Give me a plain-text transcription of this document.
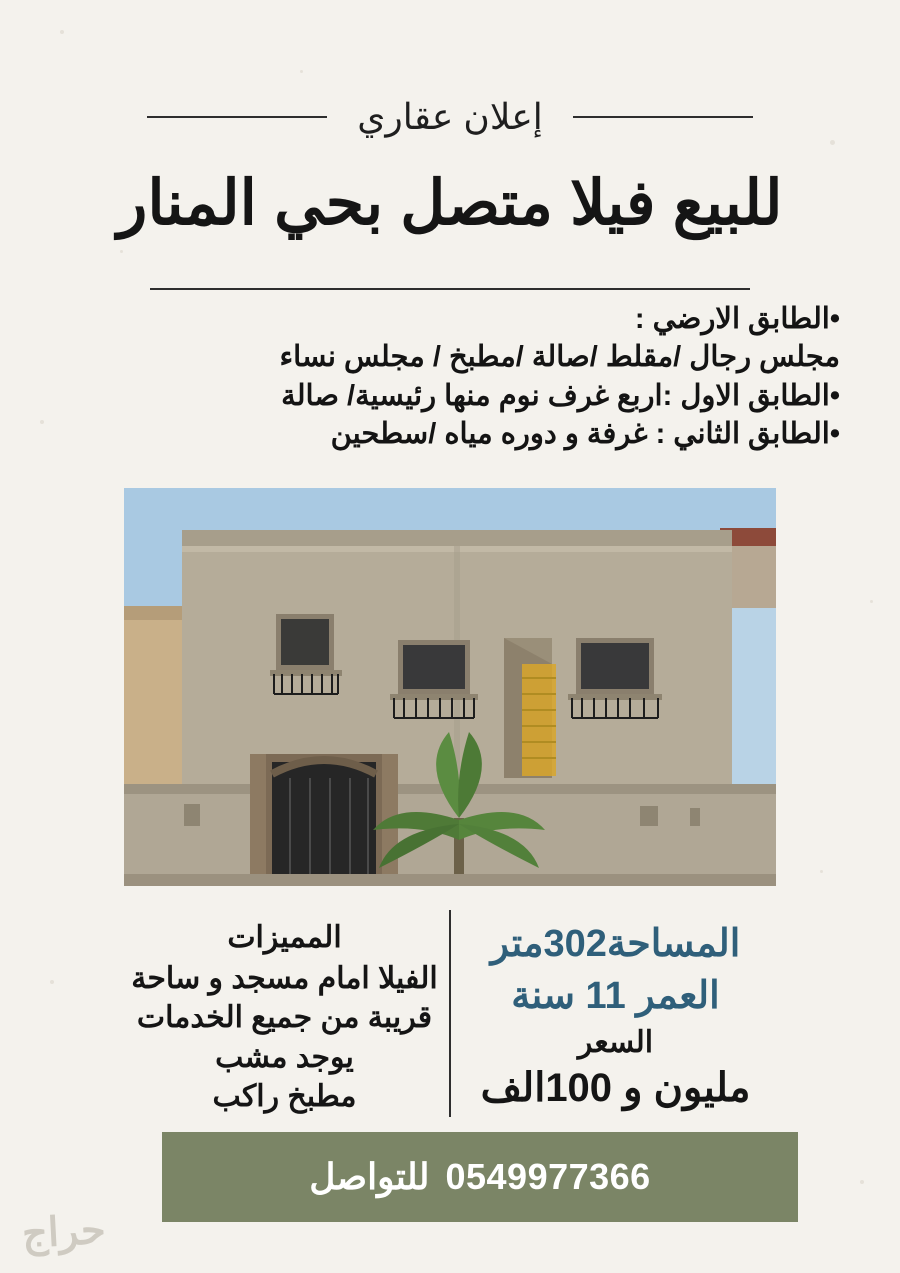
إعلان عقاري
للبيع فيلا متصل بحي المنار
•الطابق الارضي :
مجلس رجال /مقلط /صالة /مطبخ / مجلس نساء
•الطابق الاول :اربع غرف نوم منها رئيسية/ صالة
•الطابق الثاني : غرفة و دوره مياه /سطحين
المساحة302متر
العمر 11 سنة
السعر
مليون و 100الف
المميزات
الفيلا امام مسجد و ساحة
قريبة من جميع الخدمات
يوجد مشب
مطبخ راكب
0549977366
للتواصل
حراج
